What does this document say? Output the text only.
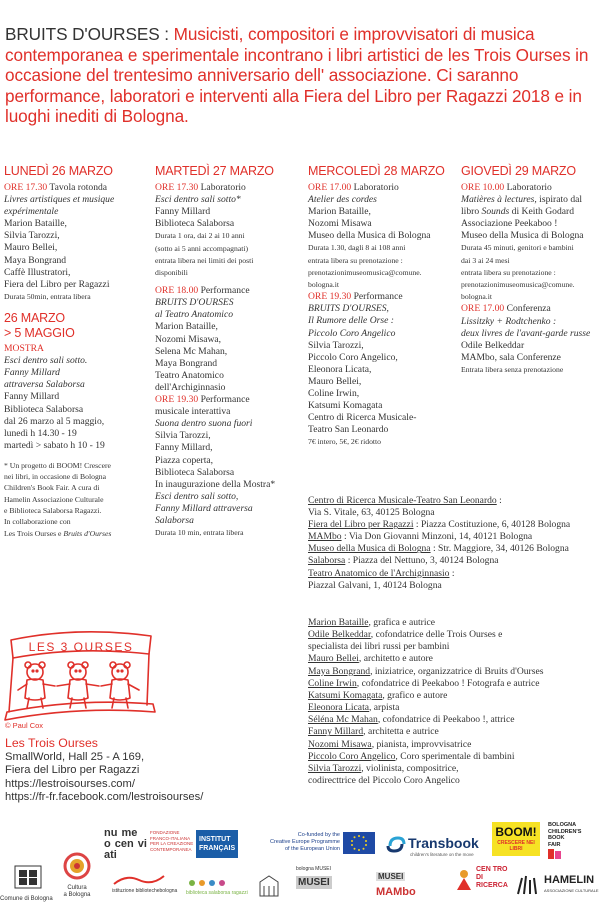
BRUITS D'OURSES : Musicisti, compositori e improvvisatori di musica contemporanea e sperimentale incontrano i libri artistici de les Trois Ourses in occasione del trentesimo anniversario dell' associazione. Ci saranno performance, laboratori e interventi alla Fiera del Libro per Ragazzi 2018 e in luoghi inediti di Bologna.
LUNEDÌ 26 MARZO
ORE 17.30 Tavola rotonda
Livres artistiques et musique expérimentale
Marion Bataille,
Silvia Tarozzi,
Mauro Bellei,
Maya Bongrand
Caffè Illustratori,
Fiera del Libro per Ragazzi
Durata 50min, entrata libera
26 MARZO
> 5 MAGGIO
MOSTRA
Esci dentro sali sotto.
Fanny Millard
attraversa Salaborsa
Fanny Millard
Biblioteca Salaborsa
dal 26 marzo al 5 maggio,
lunedì h 14.30 - 19
martedì > sabato h 10 - 19
* Un progetto di BOOM! Crescere
nei libri, in occasione di Bologna
Children's Book Fair. A cura di
Hamelin Associazione Culturale
e Biblioteca Salaborsa Ragazzi.
In collaborazione con
Les Trois Ourses e Bruits d'Ourses
MARTEDÌ 27 MARZO
ORE 17.30 Laboratorio
Esci dentro sali sotto*
Fanny Millard
Biblioteca Salaborsa
Durata 1 ora, dai 2 ai 10 anni
(sotto ai 5 anni accompagnati)
entrata libera nei limiti dei posti
disponibili
ORE 18.00 Performance
BRUITS D'OURSES
al Teatro Anatomico
Marion Bataille,
Nozomi Misawa,
Selena Mc Mahan,
Maya Bongrand
Teatro Anatomico
dell'Archiginnasio
ORE 19.30 Performance
musicale interattiva
Suona dentro suona fuori
Silvia Tarozzi,
Fanny Millard,
Piazza coperta,
Biblioteca Salaborsa
In inaugurazione della Mostra*
Esci dentro sali sotto,
Fanny Millard attraversa
Salaborsa
Durata 10 min, entrata libera
MERCOLEDÌ 28 MARZO
ORE 17.00 Laboratorio
Atelier des cordes
Marion Bataille,
Nozomi Misawa
Museo della Musica di Bologna
Durata 1.30, dagli 8 ai 108 anni
entrata libera su prenotazione :
prenotazionimuseomusica@comune.
bologna.it
ORE 19.30 Performance
BRUITS D'OURSES,
Il Rumore delle Orse :
Piccolo Coro Angelico
Silvia Tarozzi,
Piccolo Coro Angelico,
Eleonora Licata,
Mauro Bellei,
Coline Irwin,
Katsumi Komagata
Centro di Ricerca Musicale-
Teatro San Leonardo
7€ intero, 5€, 2€ ridotto
GIOVEDÌ 29 MARZO
ORE 10.00 Laboratorio
Matières à lectures, ispirato dal
libro Sounds di Keith Godard
Associazione Peekaboo !
Museo della Musica di Bologna
Durata 45 minuti, genitori e bambini
dai 3 ai 24 mesi
entrata libera su prenotazione :
prenotazionimuseomusica@comune.
bologna.it
ORE 17.00 Conferenza
Lissitzky + Rodtchenko :
deux livres de l'avant-garde russe
Odile Belkeddar
MAMbo, sala Conferenze
Entrata libera senza prenotazione
Centro di Ricerca Musicale-Teatro San Leonardo :
Via S. Vitale, 63, 40125 Bologna
Fiera del Libro per Ragazzi : Piazza Costituzione, 6, 40128 Bologna
MAMbo : Via Don Giovanni Minzoni, 14, 40121 Bologna
Museo della Musica di Bologna : Str. Maggiore, 34, 40126 Bologna
Salaborsa : Piazza del Nettuno, 3, 40124 Bologna
Teatro Anatomico de l'Archiginnasio :
Piazzal Galvani, 1, 40124 Bologna
Marion Bataille, grafica e autrice
Odile Belkeddar, cofondatrice delle Trois Ourses e
specialista dei libri russi per bambini
Mauro Bellei, architetto e autore
Maya Bongrand, iniziatrice, organizzatrice di Bruits d'Ourses
Coline Irwin, cofondatrice di Peekaboo ! Fotografa e autrice
Katsumi Komagata, grafico e autore
Eleonora Licata, arpista
Séléna Mc Mahan, cofondatrice di Peekaboo !, attrice
Fanny Millard, architetta e autrice
Nozomi Misawa, pianista, improvvisatrice
Piccolo Coro Angelico, Coro sperimentale di bambini
Silvia Tarozzi, violinista, compositrice,
codirecttrice del Piccolo Coro Angelico
LES 3 OURSES
© Paul Cox
Les Trois Ourses
SmallWorld, Hall 25 - A 169,
Fiera del Libro per Ragazzi
https://lestroisourses.com/
https://fr-fr.facebook.com/lestroisourses/
Comune di Bologna
Cultura
a Bologna
nu me o cen vi ati
FONDAZIONE
FRANCO-ITALIANA
PER LA CREAZIONE
CONTEMPORANEA
INSTITUT
FRANÇAIS
Co-funded by the
Creative Europe Programme
of the European Union	Transbook
children's literature on the move
BOOM!
CRESCERE NEI LIBRI
BOLOGNA
CHILDREN'S
BOOK
FAIR
istituzione bibliotechebologna	biblioteca salaborsa ragazzi
bologna MUSEI
MUSEI
MUSEI
MAMbo
CEN TRO DI RICERCA	HAMELIN
ASSOCIAZIONE CULTURALE
